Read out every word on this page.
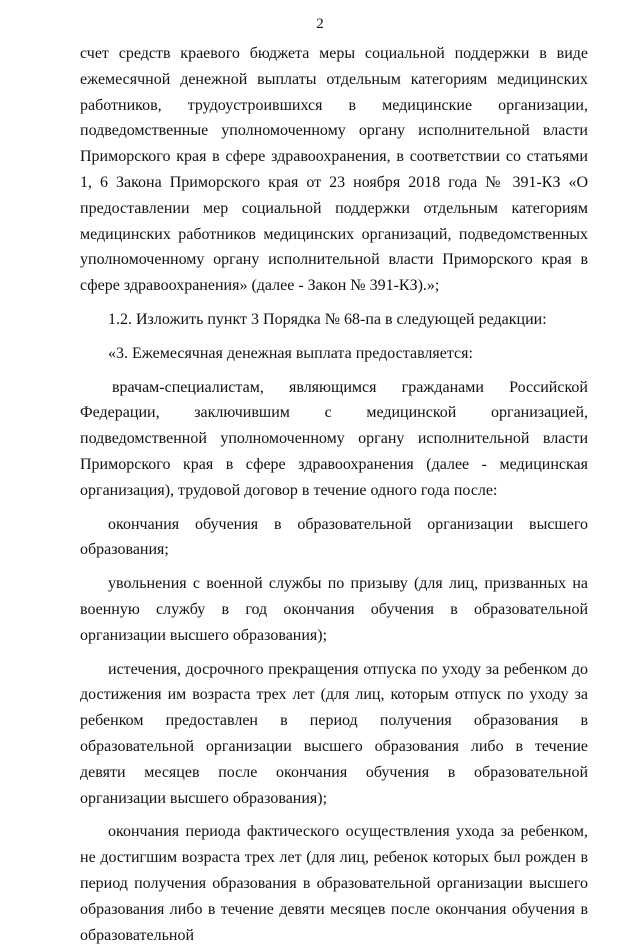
2

счет средств краевого бюджета меры социальной поддержки в виде ежемесячной денежной выплаты отдельным категориям медицинских работников, трудоустроившихся в медицинские организации, подведомственные уполномоченному органу исполнительной власти Приморского края в сфере здравоохранения, в соответствии со статьями 1, 6 Закона Приморского края от 23 ноября 2018 года № 391-КЗ «О предоставлении мер социальной поддержки отдельным категориям медицинских работников медицинских организаций, подведомственных уполномоченному органу исполнительной власти Приморского края в сфере здравоохранения» (далее - Закон № 391-КЗ).»;

1.2. Изложить пункт 3 Порядка № 68-па в следующей редакции:

«3. Ежемесячная денежная выплата предоставляется:

врачам-специалистам, являющимся гражданами Российской Федерации, заключившим с медицинской организацией, подведомственной уполномоченному органу исполнительной власти Приморского края в сфере здравоохранения (далее - медицинская организация), трудовой договор в течение одного года после:

окончания обучения в образовательной организации высшего образования;

увольнения с военной службы по призыву (для лиц, призванных на военную службу в год окончания обучения в образовательной организации высшего образования);

истечения, досрочного прекращения отпуска по уходу за ребенком до достижения им возраста трех лет (для лиц, которым отпуск по уходу за ребенком предоставлен в период получения образования в образовательной организации высшего образования либо в течение девяти месяцев после окончания обучения в образовательной организации высшего образования);

окончания периода фактического осуществления ухода за ребенком, не достигшим возраста трех лет (для лиц, ребенок которых был рожден в период получения образования в образовательной организации высшего образования либо в течение девяти месяцев после окончания обучения в образовательной
